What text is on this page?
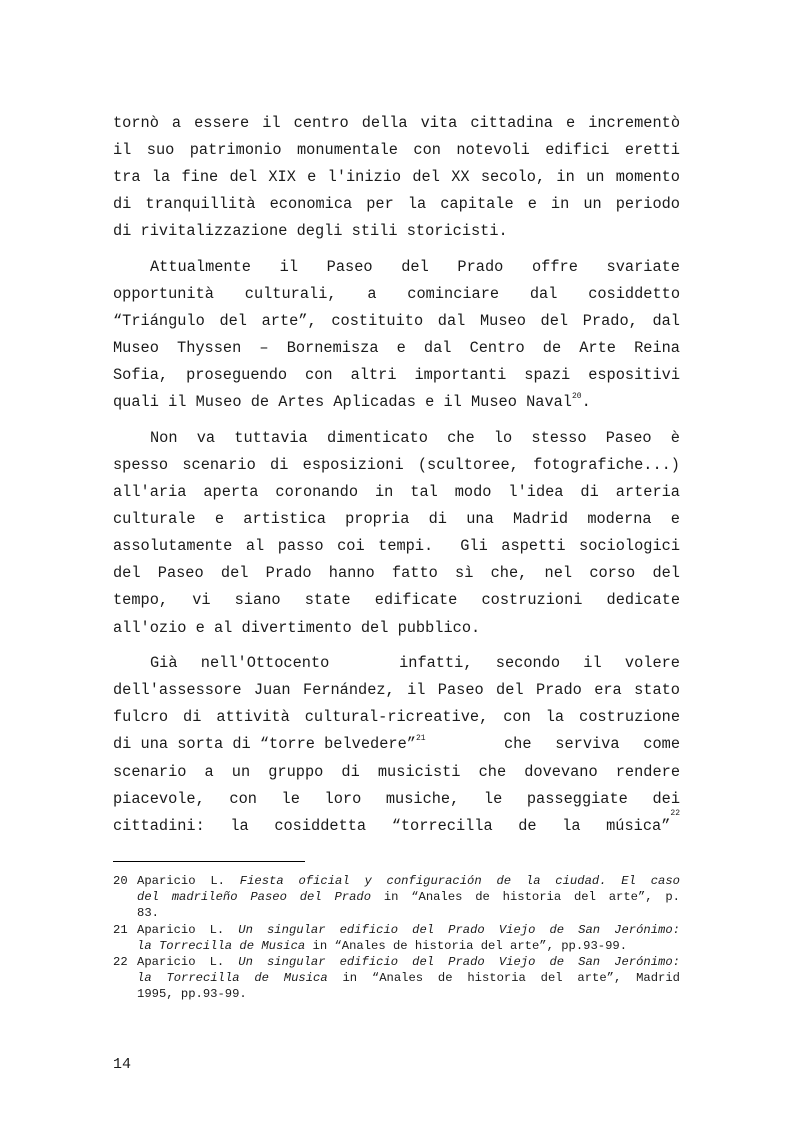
tornò a essere il centro della vita cittadina e incrementò
il suo patrimonio monumentale con notevoli edifici eretti
tra la fine del XIX e l'inizio del XX secolo, in un momento
di tranquillità economica per la capitale e in un periodo
di rivitalizzazione degli stili storicisti.
Attualmente il Paseo del Prado offre svariate
opportunità culturali, a cominciare dal cosiddetto
“Triángulo del arte”, costituito dal Museo del Prado, dal
Museo Thyssen – Bornemisza e dal Centro de Arte Reina
Sofia, proseguendo con altri importanti spazi espositivi
quali il Museo de Artes Aplicadas e il Museo Naval$^{20}$.
Non va tuttavia dimenticato che lo stesso Paseo è
spesso scenario di esposizioni (scultoree, fotografiche...)
all'aria aperta coronando in tal modo l'idea di arteria
culturale e artistica propria di una Madrid moderna e
assolutamente al passo coi tempi.  Gli aspetti sociologici
del Paseo del Prado hanno fatto sì che, nel corso del
tempo, vi siano state edificate costruzioni dedicate
all'ozio e al divertimento del pubblico.
Già nell'Ottocento   infatti, secondo il volere
dell'assessore Juan Fernández, il Paseo del Prado era stato
fulcro di attività cultural-ricreative, con la costruzione
di una sorta di “torre belvedere”$^{21}$	che serviva come
scenario a un gruppo di musicisti che dovevano rendere
piacevole, con le loro musiche, le passeggiate dei
cittadini: la cosiddetta “torrecilla de la música”
$^{22}$
20 Aparicio L. Fiesta oficial y configuración de la ciudad. El caso
del madrileño Paseo del Prado in “Anales de historia del arte”, p.
83.
21 Aparicio L. Un singular edificio del Prado Viejo de San Jerónimo:
la Torrecilla de Musica in “Anales de historia del arte”, pp.93-99.
22 Aparicio L. Un singular edificio del Prado Viejo de San Jerónimo:
la Torrecilla de Musica in “Anales de historia del arte”, Madrid
1995, pp.93-99.
14
